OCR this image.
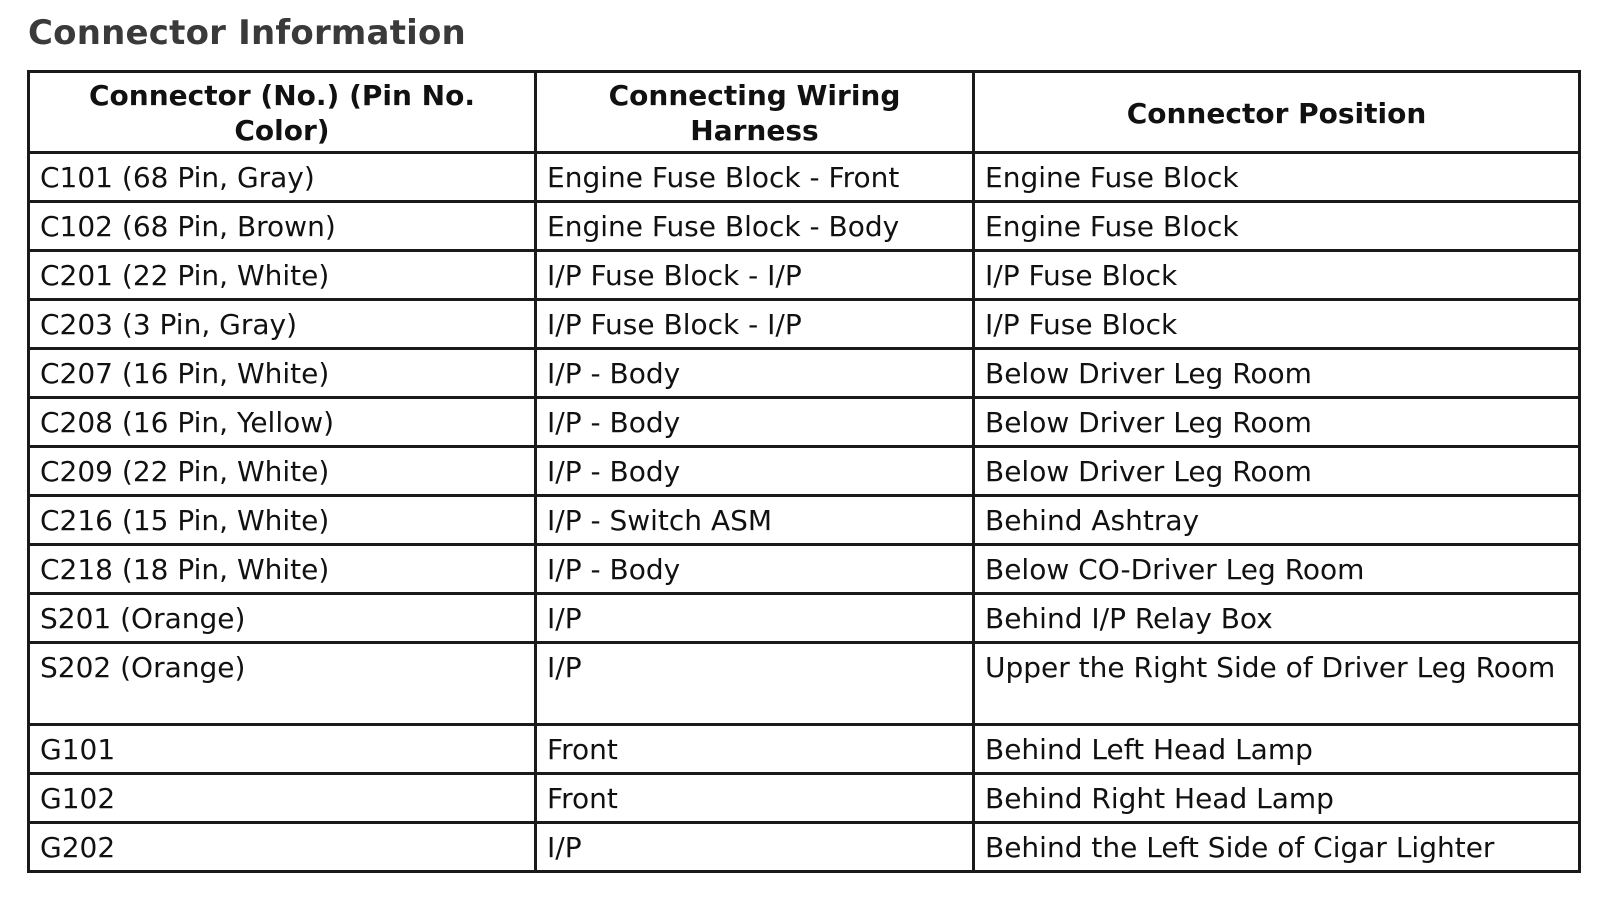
Connector Information
Connector (No.) (Pin No. Color)	Connecting Wiring Harness	Connector Position
C101 (68 Pin, Gray)	Engine Fuse Block - Front	Engine Fuse Block
C102 (68 Pin, Brown)	Engine Fuse Block - Body	Engine Fuse Block
C201 (22 Pin, White)	I/P Fuse Block - I/P	I/P Fuse Block
C203 (3 Pin, Gray)	I/P Fuse Block - I/P	I/P Fuse Block
C207 (16 Pin, White)	I/P - Body	Below Driver Leg Room
C208 (16 Pin, Yellow)	I/P - Body	Below Driver Leg Room
C209 (22 Pin, White)	I/P - Body	Below Driver Leg Room
C216 (15 Pin, White)	I/P - Switch ASM	Behind Ashtray
C218 (18 Pin, White)	I/P - Body	Below CO-Driver Leg Room
S201 (Orange)	I/P	Behind I/P Relay Box
S202 (Orange)	I/P	Upper the Right Side of Driver Leg Room
G101	Front	Behind Left Head Lamp
G102	Front	Behind Right Head Lamp
G202	I/P	Behind the Left Side of Cigar Lighter
